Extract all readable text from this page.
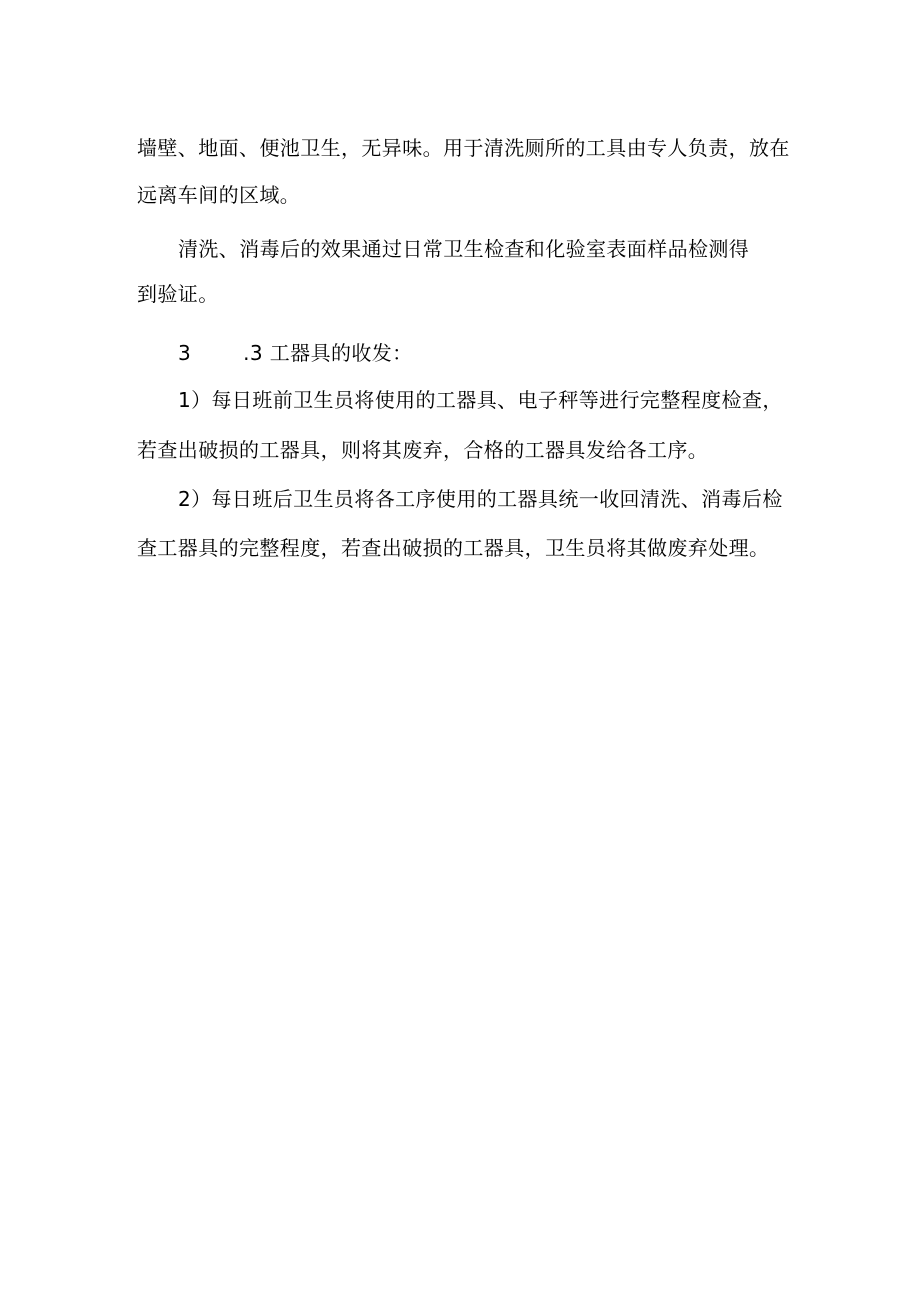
墙壁、地面、便池卫生，无异味。用于清洗厕所的工具由专人负责，放在
远离车间的区域。
清洗、消毒后的效果通过日常卫生检查和化验室表面样品检测得
到验证。
3	.3 工器具的收发：
1）每日班前卫生员将使用的工器具、电子秤等进行完整程度检查，
若查出破损的工器具，则将其废弃，合格的工器具发给各工序。
2）每日班后卫生员将各工序使用的工器具统一收回清洗、消毒后检
查工器具的完整程度，若查出破损的工器具，卫生员将其做废弃处理。
